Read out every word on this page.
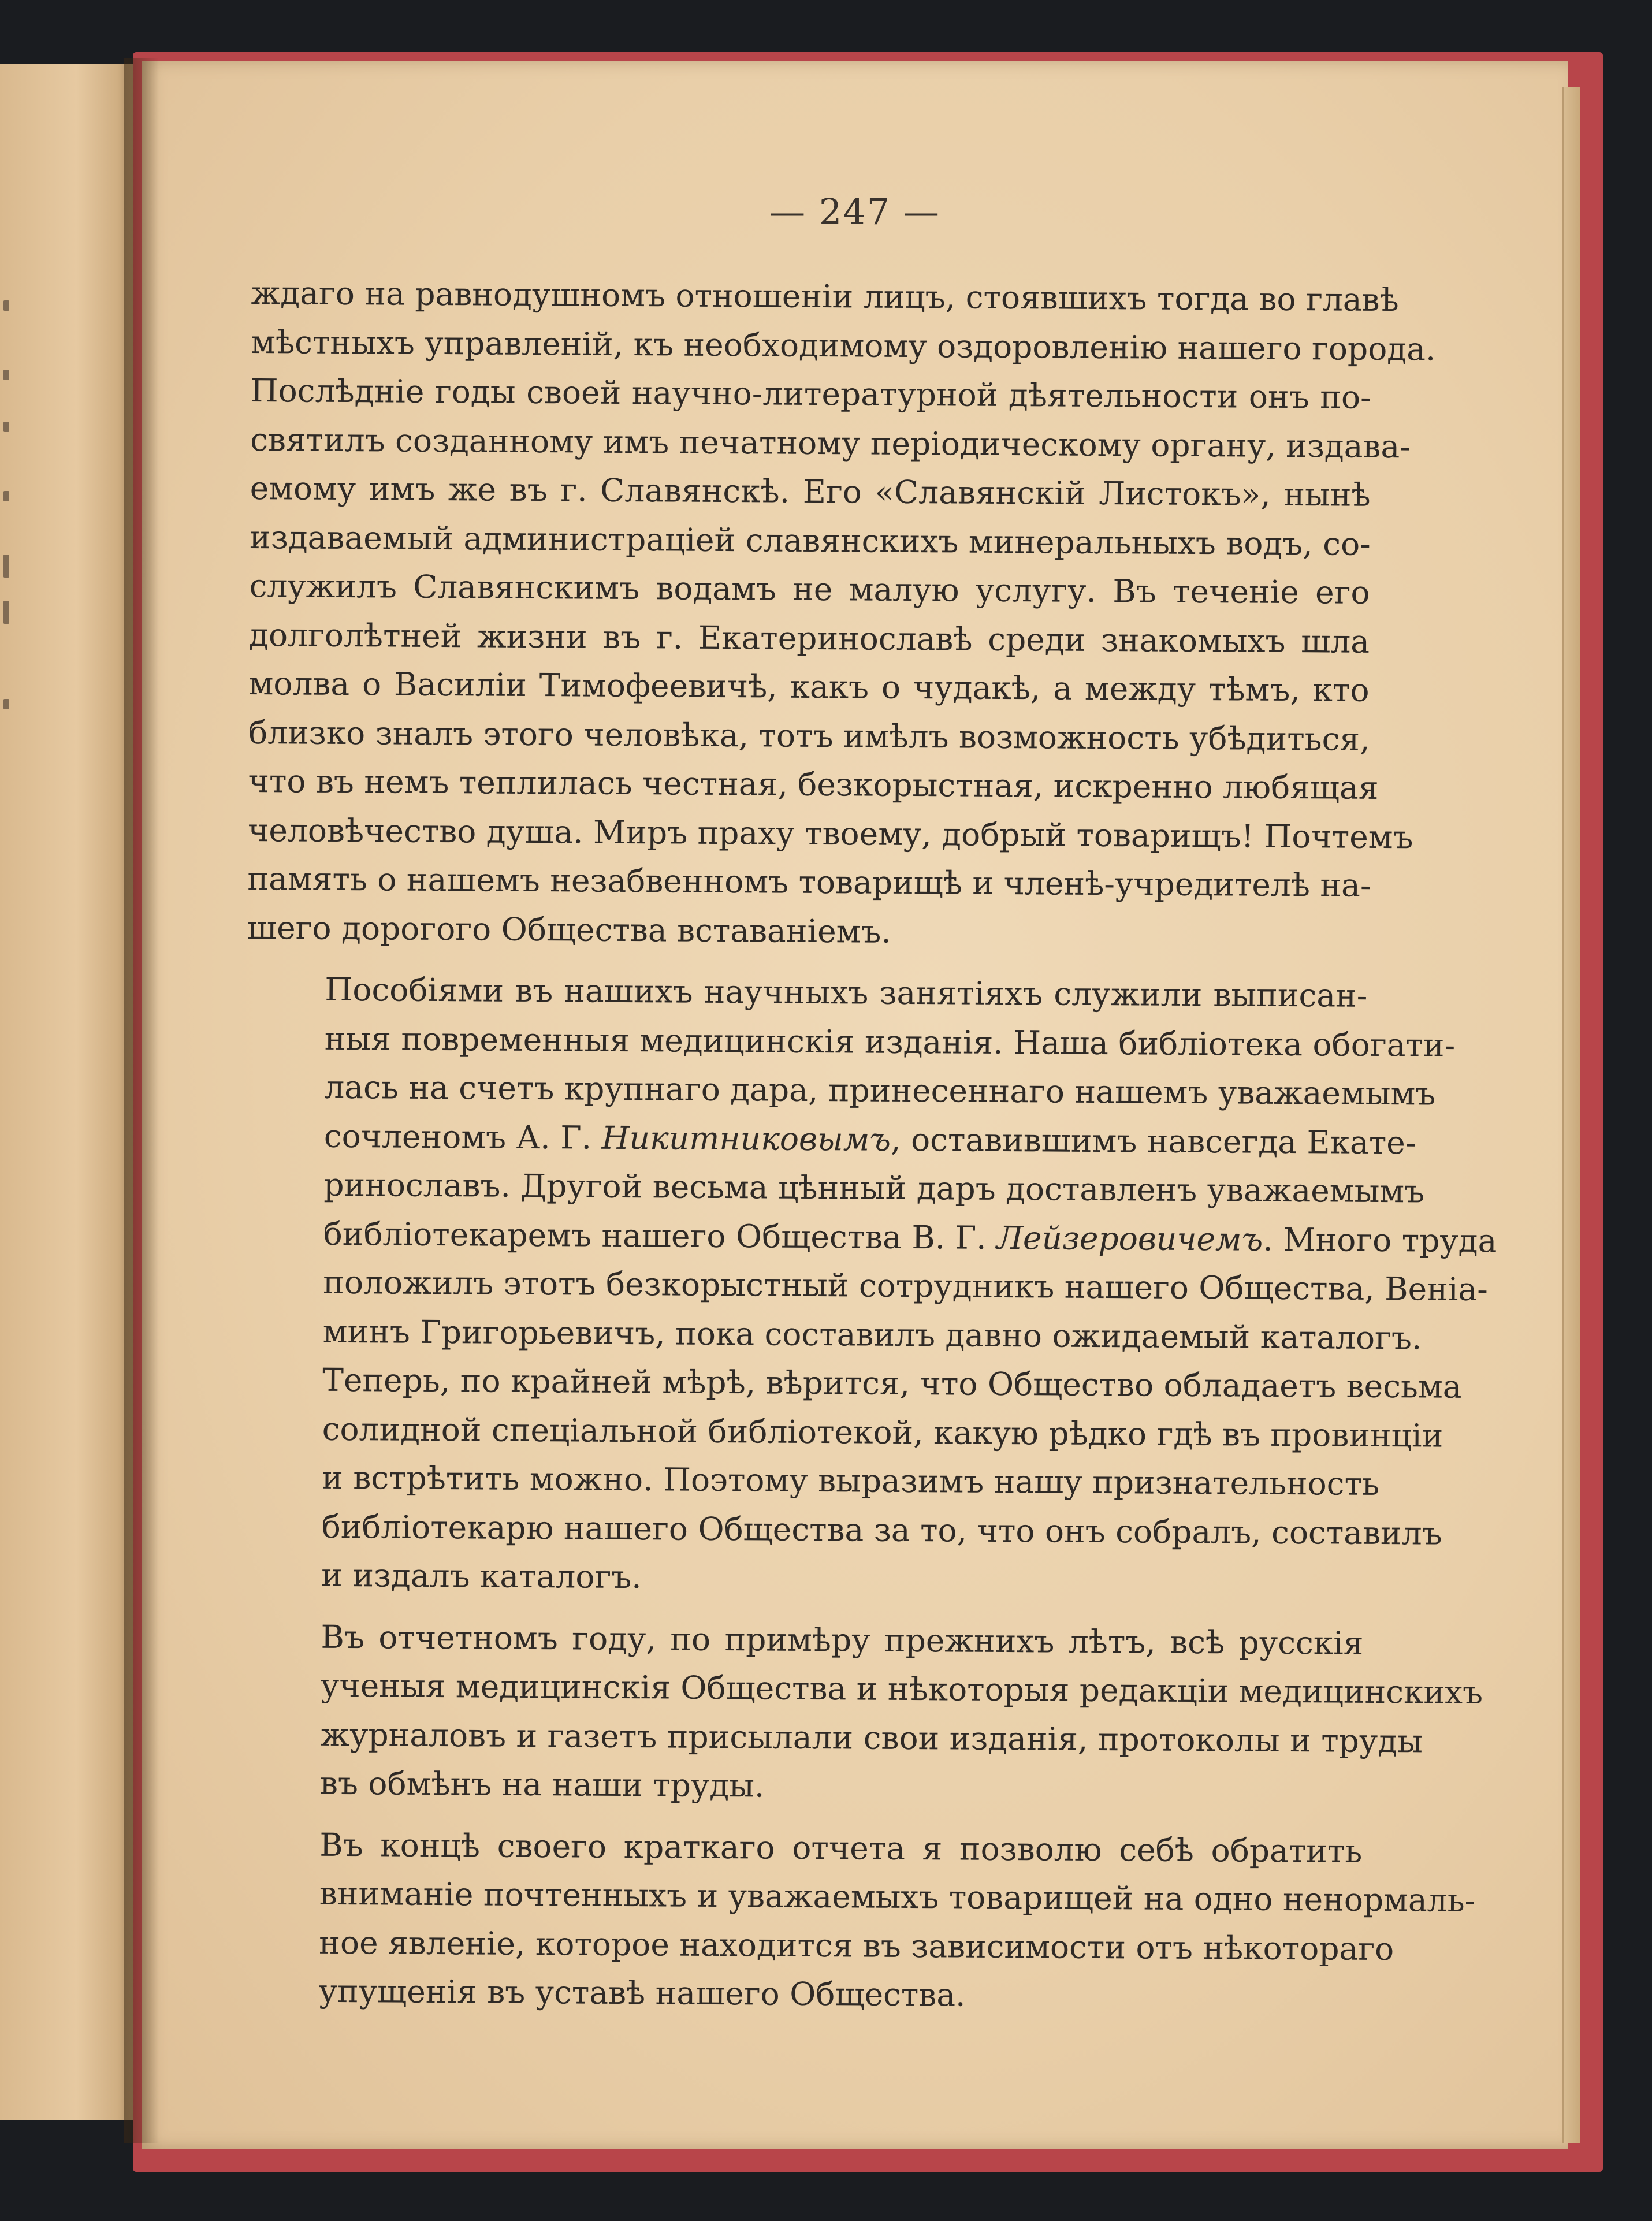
— 247 —

ждаго на равнодушномъ отношеніи лицъ, стоявшихъ тогда во главѣ
мѣстныхъ управленій, къ необходимому оздоровленію нашего города.
Послѣдніе годы своей научно-литературной дѣятельности онъ по-
святилъ созданному имъ печатному періодическому органу, издава-
емому имъ же въ г. Славянскѣ. Его «Славянскій Листокъ», нынѣ
издаваемый администраціей славянскихъ минеральныхъ водъ, со-
служилъ Славянскимъ водамъ не малую услугу. Въ теченіе его
долголѣтней жизни въ г. Екатеринославѣ среди знакомыхъ шла
молва о Василіи Тимофеевичѣ, какъ о чудакѣ, а между тѣмъ, кто
близко зналъ этого человѣка, тотъ имѣлъ возможность убѣдиться,
что въ немъ теплилась честная, безкорыстная, искренно любящая
человѣчество душа. Миръ праху твоему, добрый товарищъ! Почтемъ
память о нашемъ незабвенномъ товарищѣ и членѣ-учредителѣ на-
шего дорогого Общества вставаніемъ.

Пособіями въ нашихъ научныхъ занятіяхъ служили выписан-
ныя повременныя медицинскія изданія. Наша библіотека обогати-
лась на счетъ крупнаго дара, принесеннаго нашемъ уважаемымъ
сочленомъ А. Г. Никитниковымъ, оставившимъ навсегда Екате-
ринославъ. Другой весьма цѣнный даръ доставленъ уважаемымъ
библіотекаремъ нашего Общества В. Г. Лейзеровичемъ. Много труда
положилъ этотъ безкорыстный сотрудникъ нашего Общества, Веніа-
минъ Григорьевичъ, пока составилъ давно ожидаемый каталогъ.
Теперь, по крайней мѣрѣ, вѣрится, что Общество обладаетъ весьма
солидной спеціальной библіотекой, какую рѣдко гдѣ въ провинціи
и встрѣтить можно. Поэтому выразимъ нашу признательность
библіотекарю нашего Общества за то, что онъ собралъ, составилъ
и издалъ каталогъ.

Въ отчетномъ году, по примѣру прежнихъ лѣтъ, всѣ русскія
ученыя медицинскія Общества и нѣкоторыя редакціи медицинскихъ
журналовъ и газетъ присылали свои изданія, протоколы и труды
въ обмѣнъ на наши труды.

Въ концѣ своего краткаго отчета я позволю себѣ обратить
вниманіе почтенныхъ и уважаемыхъ товарищей на одно ненормаль-
ное явленіе, которое находится въ зависимости отъ нѣкотораго
упущенія въ уставѣ нашего Общества.
